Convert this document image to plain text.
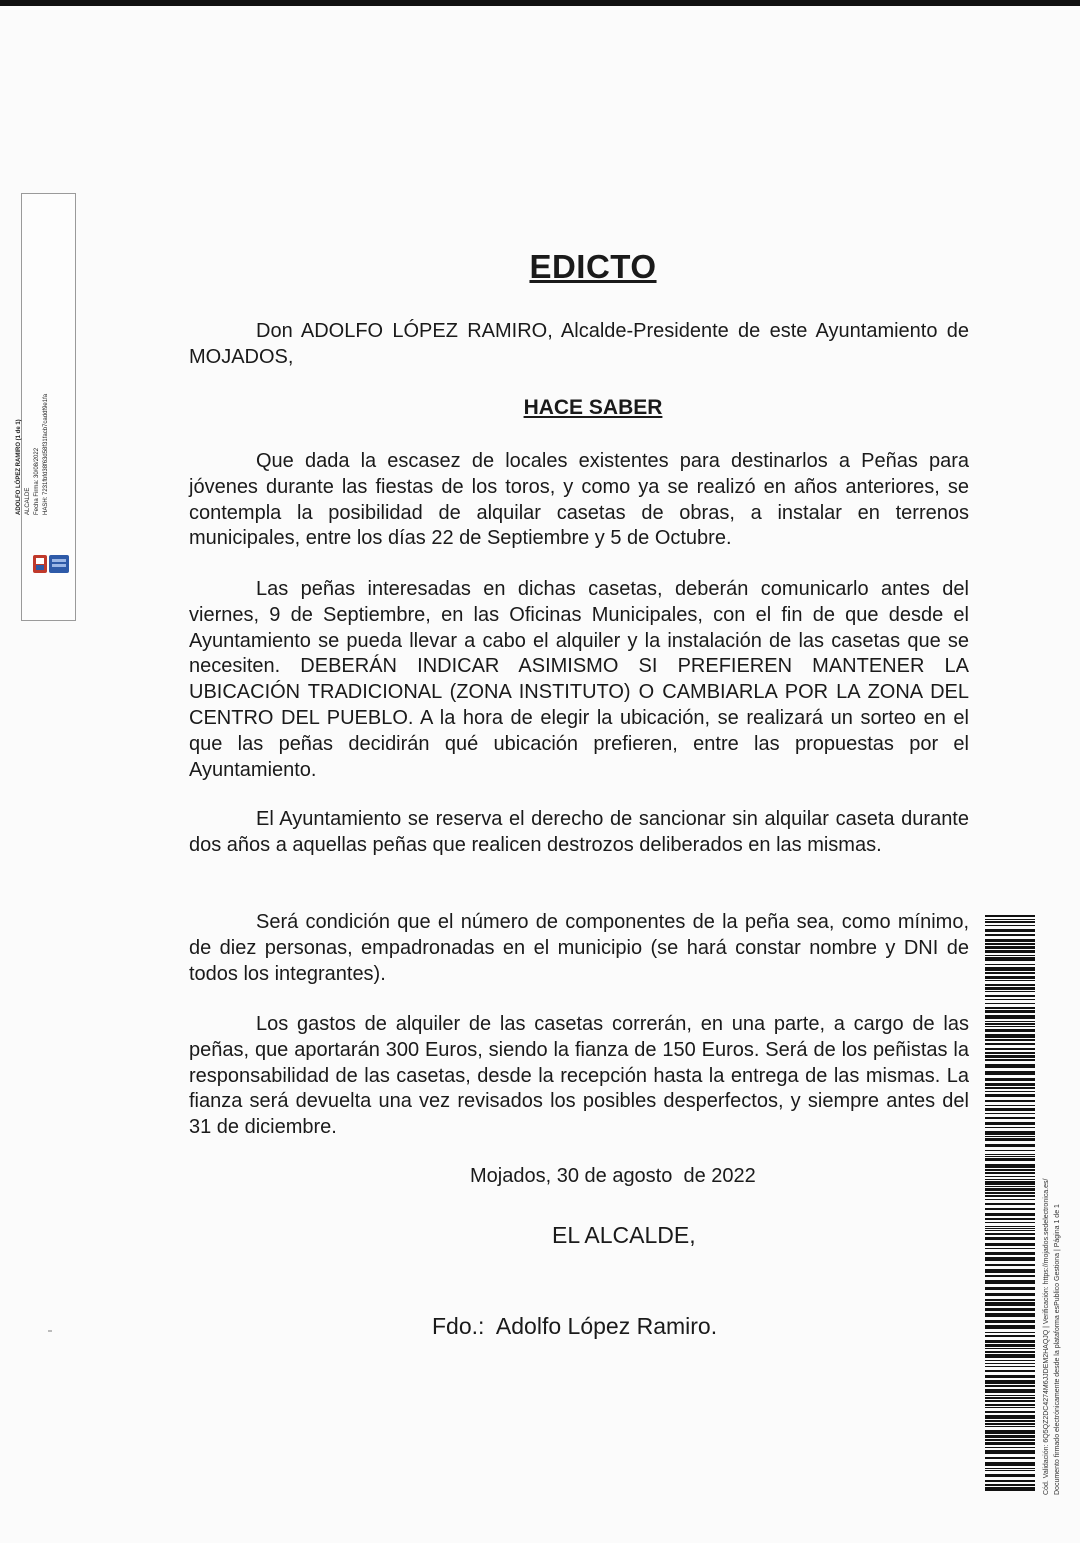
ADOLFO LÓPEZ RAMIRO (1 de 1) ALCALDE Fecha Firma: 30/08/2022 HASH: 7231fbfd38f63d58f31facb7caddf9e1fa
EDICTO

Don ADOLFO LÓPEZ RAMIRO, Alcalde-Presidente de este Ayuntamiento de MOJADOS,

HACE SABER

Que dada la escasez de locales existentes para destinarlos a Peñas para jóvenes durante las fiestas de los toros, y como ya se realizó en años anteriores, se contempla la posibilidad de alquilar casetas de obras, a instalar en terrenos municipales, entre los días 22 de Septiembre y 5 de Octubre.

Las peñas interesadas en dichas casetas, deberán comunicarlo antes del viernes, 9 de Septiembre, en las Oficinas Municipales, con el fin de que desde el Ayuntamiento se pueda llevar a cabo el alquiler y la instalación de las casetas que se necesiten. DEBERÁN INDICAR ASIMISMO SI PREFIEREN MANTENER LA UBICACIÓN TRADICIONAL (ZONA INSTITUTO) O CAMBIARLA POR LA ZONA DEL CENTRO DEL PUEBLO. A la hora de elegir la ubicación, se realizará un sorteo en el que las peñas decidirán qué ubicación prefieren, entre las propuestas por el Ayuntamiento.

El Ayuntamiento se reserva el derecho de sancionar sin alquilar caseta durante dos años a aquellas peñas que realicen destrozos deliberados en las mismas.

Será condición que el número de componentes de la peña sea, como mínimo, de diez personas, empadronadas en el municipio (se hará constar nombre y DNI de todos los integrantes).

Los gastos de alquiler de las casetas correrán, en una parte, a cargo de las peñas, que aportarán 300 Euros, siendo la fianza de 150 Euros. Será de los peñistas la responsabilidad de las casetas, desde la recepción hasta la entrega de las mismas. La fianza será devuelta una vez revisados los posibles desperfectos, y siempre antes del 31 de diciembre.

Mojados, 30 de agosto  de 2022
EL ALCALDE,
Fdo.:  Adolfo López Ramiro.	Cód. Validación: 6Q5QZ2DC4274M6JJDEM2HAQJQ | Verificación: https://mojados.sedelectronica.es/ Documento firmado electrónicamente desde la plataforma esPublico Gestiona | Página 1 de 1
